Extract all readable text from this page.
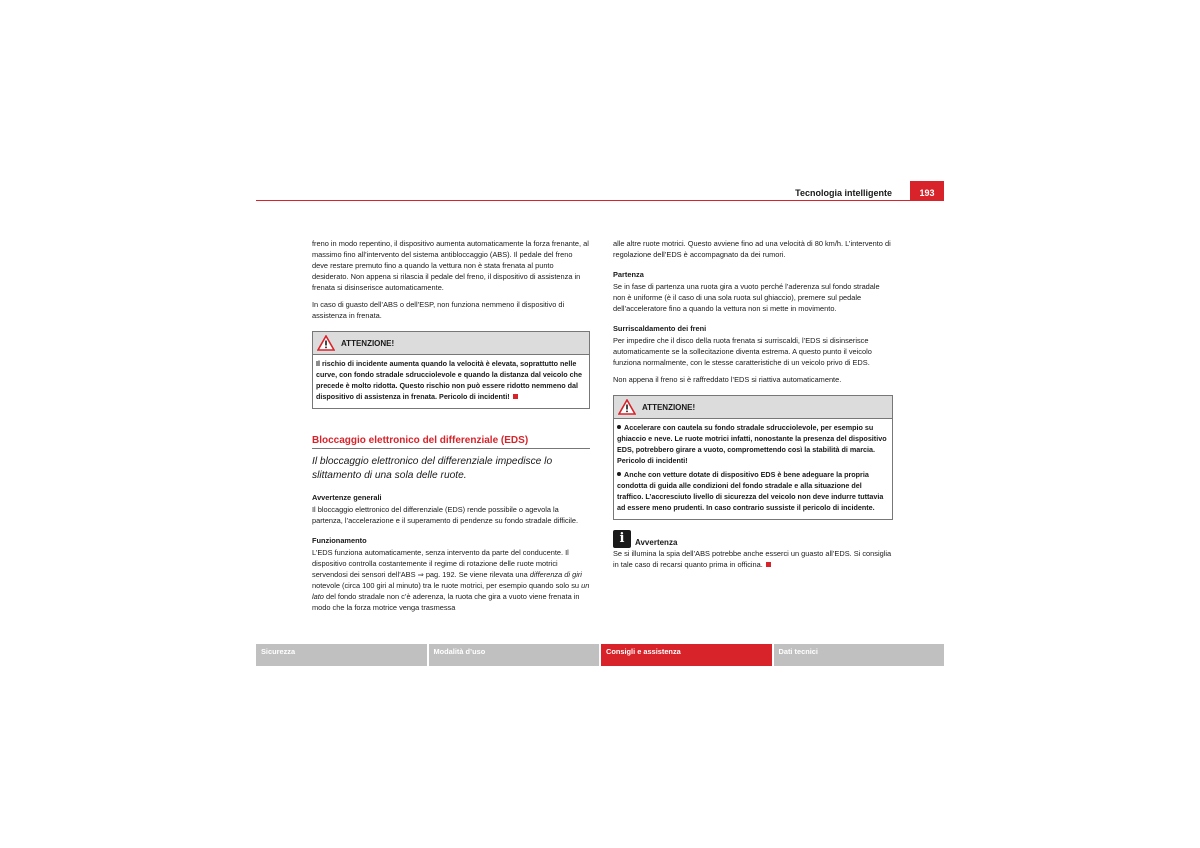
Tecnologia intelligente	193

freno in modo repentino, il dispositivo aumenta automaticamente la forza frenante, al massimo fino all’intervento del sistema antibloccaggio (ABS). Il pedale del freno deve restare premuto fino a quando la vettura non è stata frenata al punto desiderato. Non appena si rilascia il pedale del freno, il dispositivo di assistenza in frenata si disinserisce automaticamente.

In caso di guasto dell’ABS o dell’ESP, non funziona nemmeno il dispositivo di assistenza in frenata.

ATTENZIONE!

Il rischio di incidente aumenta quando la velocità è elevata, soprattutto nelle curve, con fondo stradale sdrucciolevole e quando la distanza dal veicolo che precede è molto ridotta. Questo rischio non può essere ridotto nemmeno dal dispositivo di assistenza in frenata. Pericolo di incidenti!

Bloccaggio elettronico del differenziale (EDS)

Il bloccaggio elettronico del differenziale impedisce lo slittamento di una sola delle ruote.

Avvertenze generali

Il bloccaggio elettronico del differenziale (EDS) rende possibile o agevola la partenza, l’accelerazione e il superamento di pendenze su fondo stradale difficile.

Funzionamento

L’EDS funziona automaticamente, senza intervento da parte del conducente. Il dispositivo controlla costantemente il regime di rotazione delle ruote motrici servendosi dei sensori dell’ABS ⇒ pag. 192. Se viene rilevata una differenza di giri notevole (circa 100 giri al minuto) tra le ruote motrici, per esempio quando solo su un lato del fondo stradale non c’è aderenza, la ruota che gira a vuoto viene frenata in modo che la forza motrice venga trasmessa

alle altre ruote motrici. Questo avviene fino ad una velocità di 80 km/h. L’intervento di regolazione dell’EDS è accompagnato da dei rumori.

Partenza

Se in fase di partenza una ruota gira a vuoto perché l’aderenza sul fondo stradale non è uniforme (è il caso di una sola ruota sul ghiaccio), premere sul pedale dell’acceleratore fino a quando la vettura non si mette in movimento.

Surriscaldamento dei freni

Per impedire che il disco della ruota frenata si surriscaldi, l’EDS si disinserisce automaticamente se la sollecitazione diventa estrema. A questo punto il veicolo funziona normalmente, con le stesse caratteristiche di un veicolo privo di EDS.

Non appena il freno si è raffreddato l’EDS si riattiva automaticamente.

ATTENZIONE!

Accelerare con cautela su fondo stradale sdrucciolevole, per esempio su ghiaccio e neve. Le ruote motrici infatti, nonostante la presenza del dispositivo EDS, potrebbero girare a vuoto, compromettendo così la stabilità di marcia. Pericolo di incidenti!

Anche con vetture dotate di dispositivo EDS è bene adeguare la propria condotta di guida alle condizioni del fondo stradale e alla situazione del traffico. L’accresciuto livello di sicurezza del veicolo non deve indurre tuttavia ad essere meno prudenti. In caso contrario sussiste il pericolo di incidente.

i	Avvertenza

Se si illumina la spia dell’ABS potrebbe anche esserci un guasto all’EDS. Si consiglia in tale caso di recarsi quanto prima in officina.

Sicurezza	Modalità d’uso	Consigli e assistenza	Dati tecnici
